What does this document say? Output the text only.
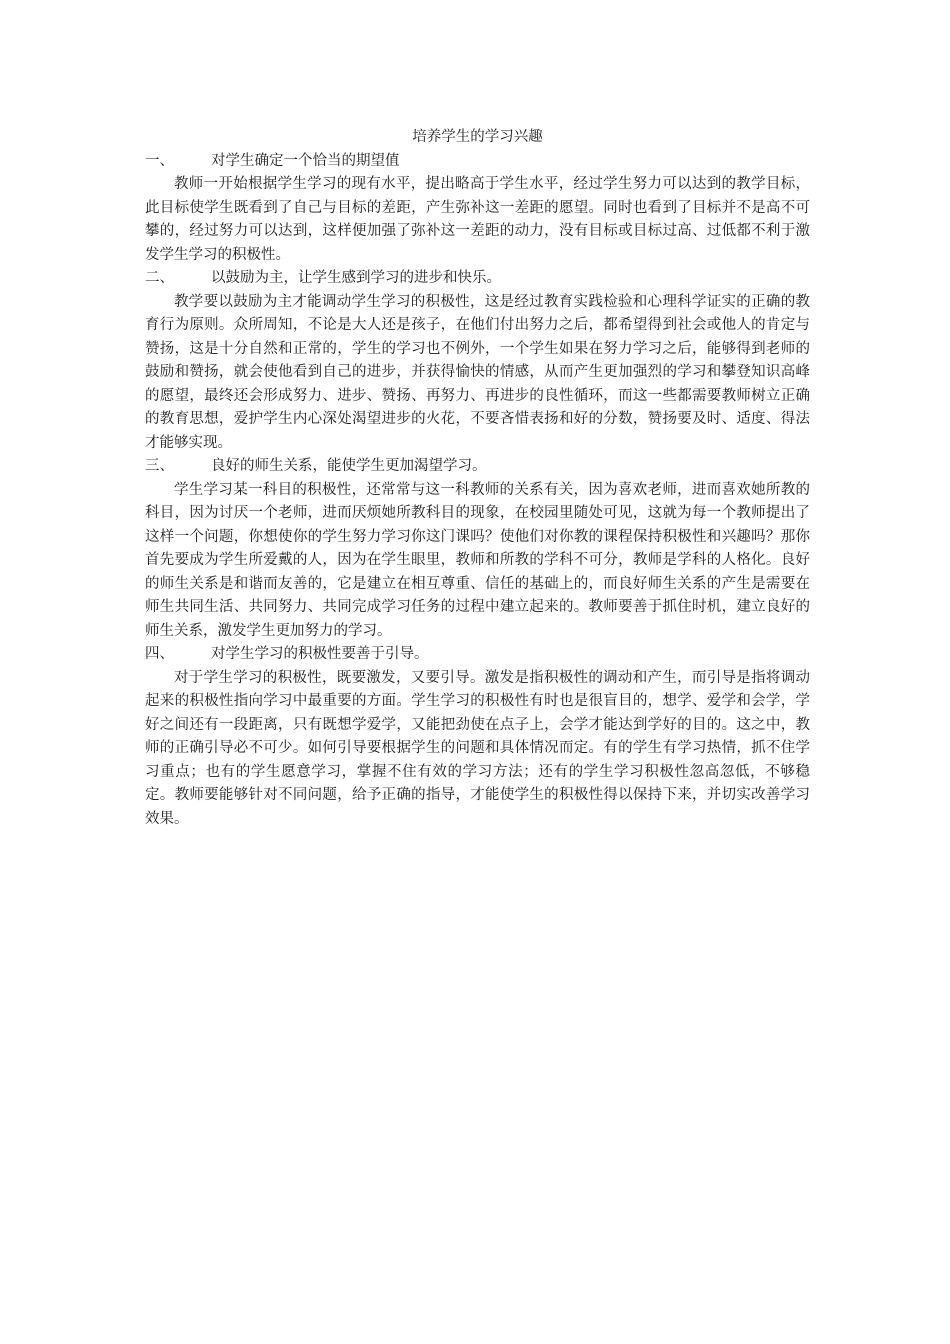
培养学生的学习兴趣

一、	对学生确定一个恰当的期望值

教师一开始根据学生学习的现有水平，提出略高于学生水平，经过学生努力可以达到的教学目标，此目标使学生既看到了自己与目标的差距，产生弥补这一差距的愿望。同时也看到了目标并不是高不可攀的，经过努力可以达到，这样便加强了弥补这一差距的动力，没有目标或目标过高、过低都不利于激发学生学习的积极性。

二、	以鼓励为主，让学生感到学习的进步和快乐。

教学要以鼓励为主才能调动学生学习的积极性，这是经过教育实践检验和心理科学证实的正确的教育行为原则。众所周知，不论是大人还是孩子，在他们付出努力之后，都希望得到社会或他人的肯定与赞扬，这是十分自然和正常的，学生的学习也不例外，一个学生如果在努力学习之后，能够得到老师的鼓励和赞扬，就会使他看到自己的进步，并获得愉快的情感，从而产生更加强烈的学习和攀登知识高峰的愿望，最终还会形成努力、进步、赞扬、再努力、再进步的良性循环，而这一些都需要教师树立正确的教育思想，爱护学生内心深处渴望进步的火花，不要吝惜表扬和好的分数，赞扬要及时、适度、得法才能够实现。

三、	良好的师生关系，能使学生更加渴望学习。

学生学习某一科目的积极性，还常常与这一科教师的关系有关，因为喜欢老师，进而喜欢她所教的科目，因为讨厌一个老师，进而厌烦她所教科目的现象，在校园里随处可见，这就为每一个教师提出了这样一个问题，你想使你的学生努力学习你这门课吗？使他们对你教的课程保持积极性和兴趣吗？那你首先要成为学生所爱戴的人，因为在学生眼里，教师和所教的学科不可分，教师是学科的人格化。良好的师生关系是和谐而友善的，它是建立在相互尊重、信任的基础上的，而良好师生关系的产生是需要在师生共同生活、共同努力、共同完成学习任务的过程中建立起来的。教师要善于抓住时机，建立良好的师生关系，激发学生更加努力的学习。

四、	对学生学习的积极性要善于引导。

对于学生学习的积极性，既要激发，又要引导。激发是指积极性的调动和产生，而引导是指将调动起来的积极性指向学习中最重要的方面。学生学习的积极性有时也是很盲目的，想学、爱学和会学，学好之间还有一段距离，只有既想学爱学，又能把劲使在点子上，会学才能达到学好的目的。这之中，教师的正确引导必不可少。如何引导要根据学生的问题和具体情况而定。有的学生有学习热情，抓不住学习重点；也有的学生愿意学习，掌握不住有效的学习方法；还有的学生学习积极性忽高忽低，不够稳定。教师要能够针对不同问题，给予正确的指导，才能使学生的积极性得以保持下来，并切实改善学习效果。
